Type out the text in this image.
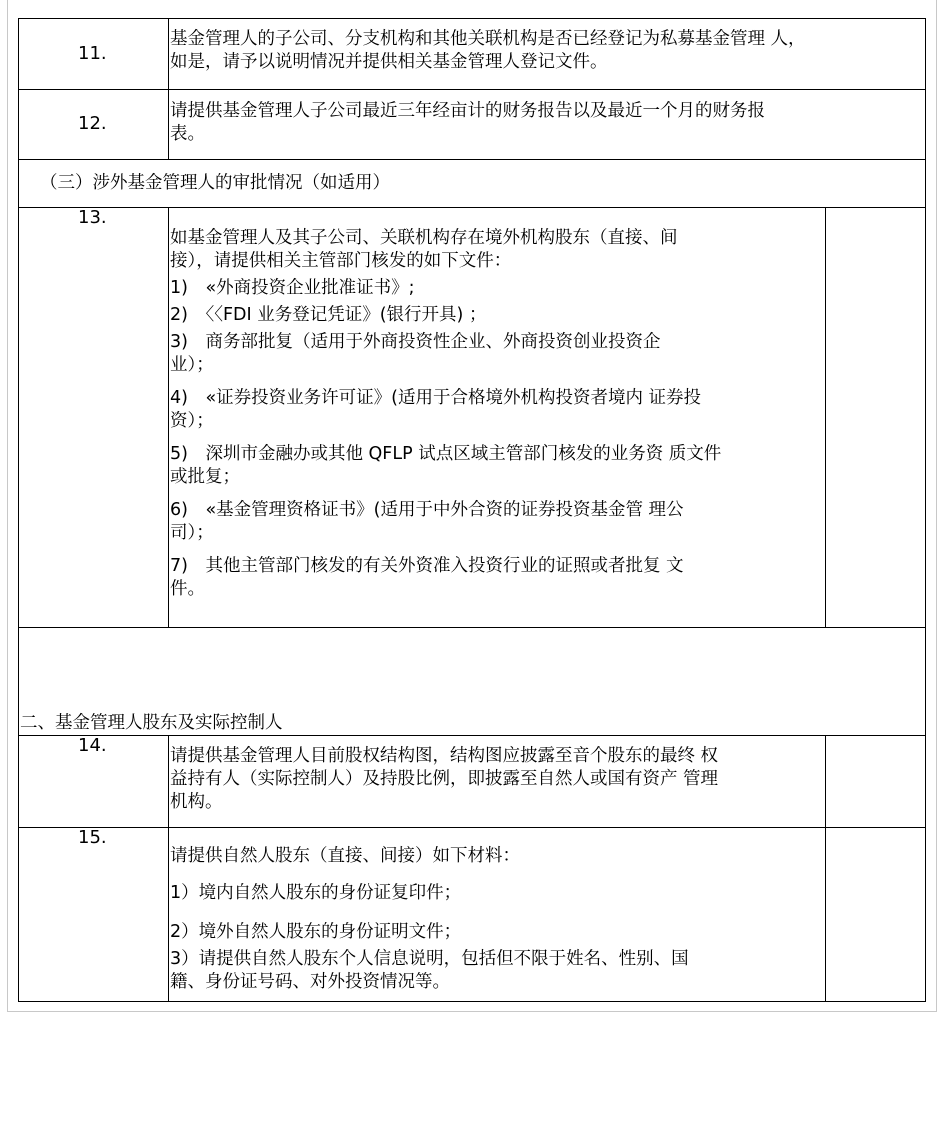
11.

基金管理人的子公司、分支机构和其他关联机构是否已经登记为私募基金管理 人，

如是，请予以说明情况并提供相关基金管理人登记文件。

12.

请提供基金管理人子公司最近三年经亩计的财务报告以及最近一个月的财务报

表。

（三）涉外基金管理人的审批情况（如适用）
13.

如基金管理人及其子公司、关联机构存在境外机构股东（直接、间

接），请提供相关主管部门核发的如下文件：

1)　«外商投资企业批准证书》;

2)　〈〈FDI 业务登记凭证》(银行开具) ；

3)　商务部批复（适用于外商投资性企业、外商投资创业投资企

业）；

4)　«证券投资业务许可证》(适用于合格境外机构投资者境内 证券投

资）；

5)　深圳市金融办或其他 QFLP 试点区域主管部门核发的业务资 质文件

或批复；

6)　«基金管理资格证书》(适用于中外合资的证券投资基金管 理公

司）；

7)　其他主管部门核发的有关外资准入投资行业的证照或者批复 文

件。

二、基金管理人股东及实际控制人
14.	请提供基金管理人目前股权结构图，结构图应披露至音个股东的最终 权

益持有人（实际控制人）及持股比例，即披露至自然人或国有资产 管理

机构。

15.

请提供自然人股东（直接、间接）如下材料：

1）境内自然人股东的身份证复印件；

2）境外自然人股东的身份证明文件；

3）请提供自然人股东个人信息说明，包括但不限于姓名、性别、国

籍、身份证号码、对外投资情况等。
